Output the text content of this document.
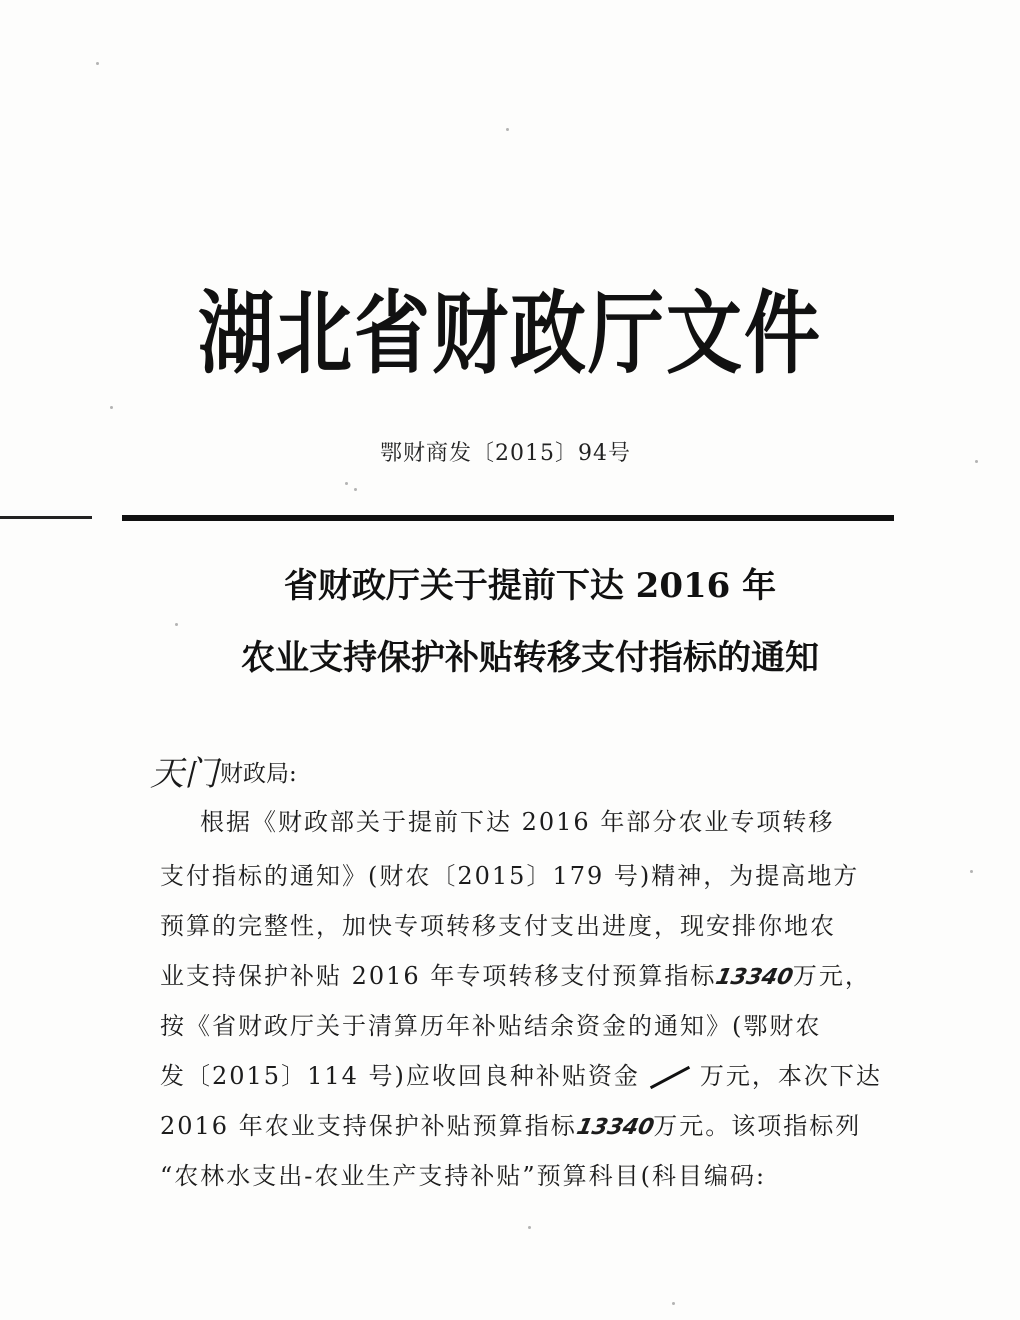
湖北省财政厅文件
鄂财商发〔2015〕94号
省财政厅关于提前下达 2016 年
农业支持保护补贴转移支付指标的通知
天门财政局:
根据《财政部关于提前下达 2016 年部分农业专项转移
支付指标的通知》(财农〔2015〕179 号)精神，为提高地方
预算的完整性，加快专项转移支付支出进度，现安排你地农
业支持保护补贴 2016 年专项转移支付预算指标13340万元，
按《省财政厅关于清算历年补贴结余资金的通知》(鄂财农
发〔2015〕114 号)应收回良种补贴资金	万元，本次下达
2016 年农业支持保护补贴预算指标13340万元。该项指标列
“农林水支出-农业生产支持补贴”预算科目(科目编码:
